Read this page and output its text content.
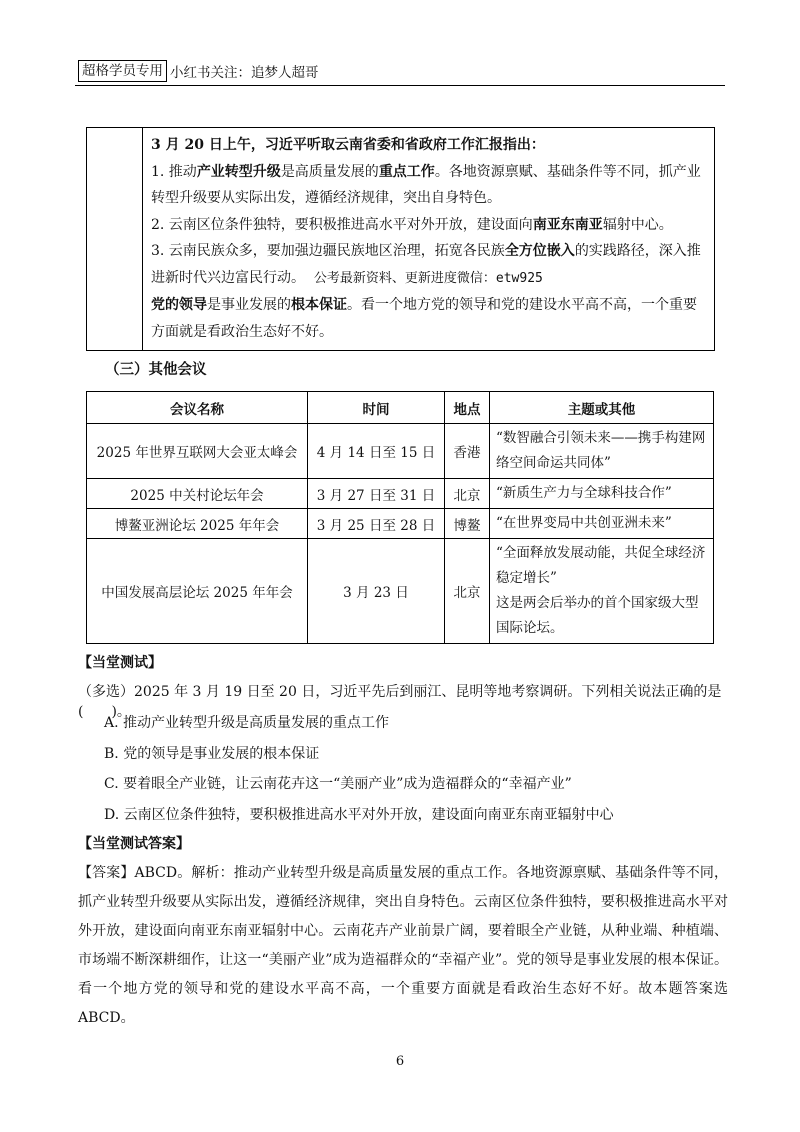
超格学员专用 小红书关注：追梦人超哥

3 月 20 日上午，习近平听取云南省委和省政府工作汇报指出：

1. 推动产业转型升级是高质量发展的重点工作。各地资源禀赋、基础条件等不同，抓产业转型升级要从实际出发，遵循经济规律，突出自身特色。

2. 云南区位条件独特，要积极推进高水平对外开放，建设面向南亚东南亚辐射中心。

3. 云南民族众多，要加强边疆民族地区治理，拓宽各民族全方位嵌入的实践路径，深入推进新时代兴边富民行动。 公考最新资料、更新进度微信：etw925

党的领导是事业发展的根本保证。看一个地方党的领导和党的建设水平高不高，一个重要方面就是看政治生态好不好。

（三）其他会议
会议名称	时间	地点	主题或其他
2025 年世界互联网大会亚太峰会	4 月 14 日至 15 日	香港	“数智融合引领未来——携手构建网络空间命运共同体”
2025 中关村论坛年会	3 月 27 日至 31 日	北京	“新质生产力与全球科技合作”
博鳌亚洲论坛 2025 年年会	3 月 25 日至 28 日	博鳌	“在世界变局中共创亚洲未来”
中国发展高层论坛 2025 年年会	3 月 23 日	北京	“全面释放发展动能，共促全球经济稳定增长”
这是两会后举办的首个国家级大型国际论坛。
【当堂测试】
（多选）2025 年 3 月 19 日至 20 日，习近平先后到丽江、昆明等地考察调研。下列相关说法正确的是(　　)。
A. 推动产业转型升级是高质量发展的重点工作
B. 党的领导是事业发展的根本保证
C. 要着眼全产业链，让云南花卉这一“美丽产业”成为造福群众的“幸福产业”
D. 云南区位条件独特，要积极推进高水平对外开放，建设面向南亚东南亚辐射中心
【当堂测试答案】
【答案】ABCD。解析：推动产业转型升级是高质量发展的重点工作。各地资源禀赋、基础条件等不同，抓产业转型升级要从实际出发，遵循经济规律，突出自身特色。云南区位条件独特，要积极推进高水平对外开放，建设面向南亚东南亚辐射中心。云南花卉产业前景广阔，要着眼全产业链，从种业端、种植端、市场端不断深耕细作，让这一“美丽产业”成为造福群众的“幸福产业”。党的领导是事业发展的根本保证。看一个地方党的领导和党的建设水平高不高，一个重要方面就是看政治生态好不好。故本题答案选 ABCD。
6
